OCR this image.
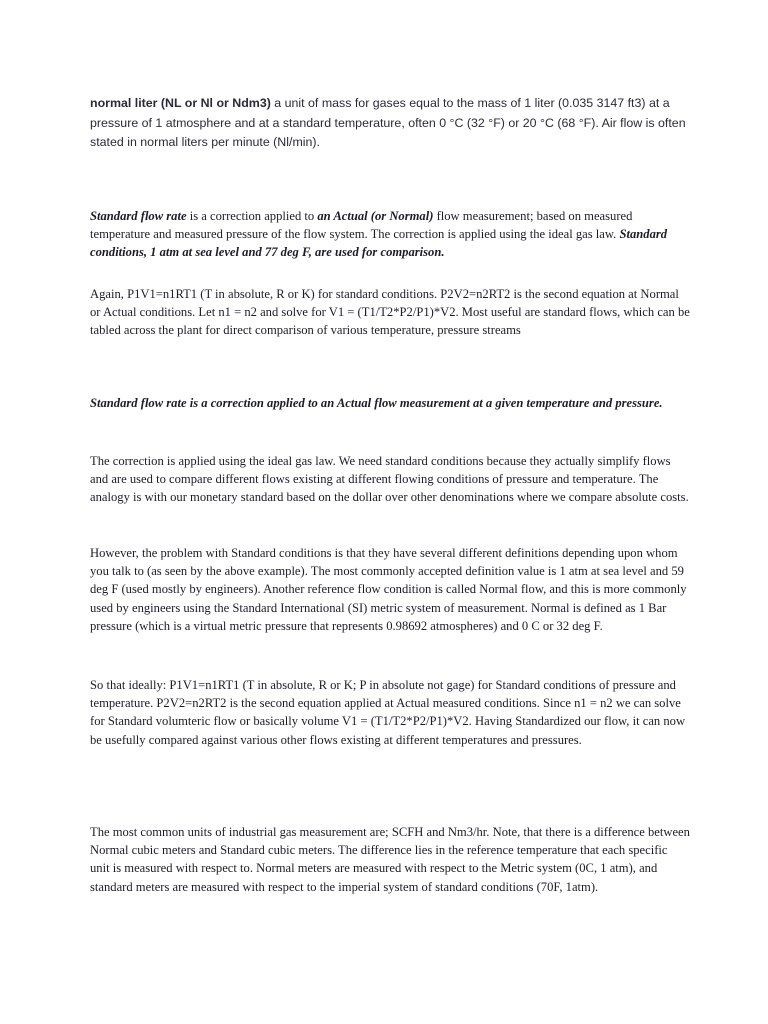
normal liter (NL or Nl or Ndm3) a unit of mass for gases equal to the mass of 1 liter (0.035 3147 ft3) at a pressure of 1 atmosphere and at a standard temperature, often 0 °C (32 °F) or 20 °C (68 °F). Air flow is often stated in normal liters per minute (Nl/min).

Standard flow rate is a correction applied to an Actual (or Normal) flow measurement; based on measured temperature and measured pressure of the flow system. The correction is applied using the ideal gas law. Standard conditions, 1 atm at sea level and 77 deg F, are used for comparison.

Again, P1V1=n1RT1 (T in absolute, R or K) for standard conditions. P2V2=n2RT2 is the second equation at Normal or Actual conditions. Let n1 = n2 and solve for V1 = (T1/T2*P2/P1)*V2. Most useful are standard flows, which can be tabled across the plant for direct comparison of various temperature, pressure streams

Standard flow rate is a correction applied to an Actual flow measurement at a given temperature and pressure.

The correction is applied using the ideal gas law. We need standard conditions because they actually simplify flows and are used to compare different flows existing at different flowing conditions of pressure and temperature. The analogy is with our monetary standard based on the dollar over other denominations where we compare absolute costs.

However, the problem with Standard conditions is that they have several different definitions depending upon whom you talk to (as seen by the above example). The most commonly accepted definition value is 1 atm at sea level and 59 deg F (used mostly by engineers). Another reference flow condition is called Normal flow, and this is more commonly used by engineers using the Standard International (SI) metric system of measurement. Normal is defined as 1 Bar pressure (which is a virtual metric pressure that represents 0.98692 atmospheres) and 0 C or 32 deg F.

So that ideally: P1V1=n1RT1 (T in absolute, R or K; P in absolute not gage) for Standard conditions of pressure and temperature. P2V2=n2RT2 is the second equation applied at Actual measured conditions. Since n1 = n2 we can solve for Standard volumteric flow or basically volume V1 = (T1/T2*P2/P1)*V2. Having Standardized our flow, it can now be usefully compared against various other flows existing at different temperatures and pressures.

The most common units of industrial gas measurement are; SCFH and Nm3/hr. Note, that there is a difference between Normal cubic meters and Standard cubic meters. The difference lies in the reference temperature that each specific unit is measured with respect to. Normal meters are measured with respect to the Metric system (0C, 1 atm), and standard meters are measured with respect to the imperial system of standard conditions (70F, 1atm).
